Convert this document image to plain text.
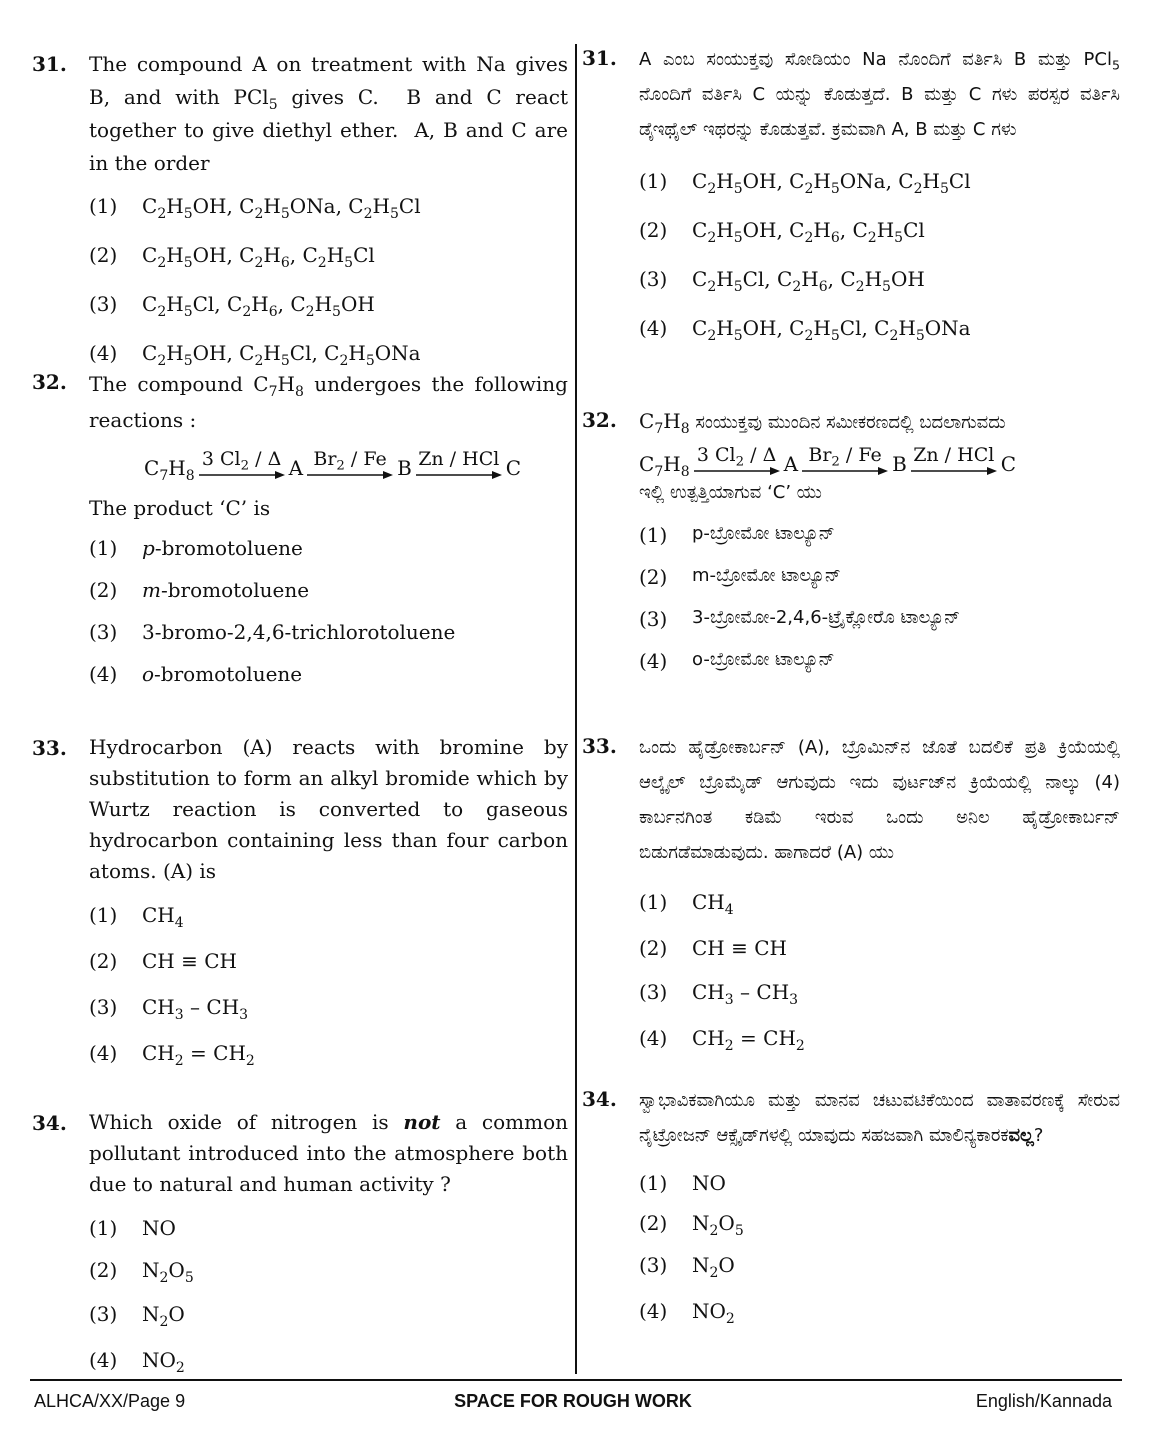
31.	The compound A on treatment with Na gives B, and with PCl$_5$ gives C.  B and C react together to give diethyl ether.  A, B and C are in the order
(1)	$C_2H_5OH$, $C_2H_5ONa$, $C_2H_5Cl$
(2)	$C_2H_5OH$, $C_2H_6$, $C_2H_5Cl$
(3)	$C_2H_5Cl$, $C_2H_6$, $C_2H_5OH$
(4)	$C_2H_5OH$, $C_2H_5Cl$, $C_2H_5ONa$
32.	The compound $C_7H_8$ undergoes the following reactions :
$C_7H_8$
3 $Cl_2$ / Δ A $Br_2$ / Fe B Zn / HCl C
The product ‘C’ is
(1)	p-bromotoluene
(2)	m-bromotoluene
(3)	3-bromo-2,4,6-trichlorotoluene
(4)	o-bromotoluene
33.	Hydrocarbon (A) reacts with bromine by substitution to form an alkyl bromide which by Wurtz reaction is converted to gaseous hydrocarbon containing less than four carbon atoms. (A) is
(1)	$CH_4$
(2)	CH ≡ CH
(3)	$CH_3 - CH_3$
(4)	$CH_2 = CH_2$
34.	Which oxide of nitrogen is not a common pollutant introduced into the atmosphere both due to natural and human activity ?
(1)	NO
(2)	$N_2O_5$
(3)	$N_2O$
(4)	$NO_2$
31.	A ಎಂಬ ಸಂಯುಕ್ತವು ಸೋಡಿಯಂ Na ನೊಂದಿಗೆ ವರ್ತಿಸಿ B ಮತ್ತು PCl$_5$ ನೊಂದಿಗೆ ವರ್ತಿಸಿ C ಯನ್ನು ಕೊಡುತ್ತದೆ. B ಮತ್ತು C ಗಳು ಪರಸ್ಪರ ವರ್ತಿಸಿ ಡೈಇಥೈಲ್ ಇಥರನ್ನು ಕೊಡುತ್ತವೆ. ಕ್ರಮವಾಗಿ A, B ಮತ್ತು C ಗಳು
(1)	$C_2H_5OH$, $C_2H_5ONa$, $C_2H_5Cl$
(2)	$C_2H_5OH$, $C_2H_6$, $C_2H_5Cl$
(3)	$C_2H_5Cl$, $C_2H_6$, $C_2H_5OH$
(4)	$C_2H_5OH$, $C_2H_5Cl$, $C_2H_5ONa$
32.	$C_7H_8$ ಸಂಯುಕ್ತವು ಮುಂದಿನ ಸಮೀಕರಣದಲ್ಲಿ ಬದಲಾಗುವದು
$C_7H_8$
3 $Cl_2$ / Δ A $Br_2$ / Fe B Zn / HCl C
ಇಲ್ಲಿ ಉತ್ಪತ್ತಿಯಾಗುವ ‘C’ ಯು
(1)	p-ಬ್ರೋಮೋ ಟಾಲ್ಯೂನ್
(2)	m-ಬ್ರೋಮೋ ಟಾಲ್ಯೂನ್
(3)	3-ಬ್ರೋಮೋ-2,4,6-ಟ್ರೈಕ್ಲೋರೊ ಟಾಲ್ಯೂನ್
(4)	o-ಬ್ರೋಮೋ ಟಾಲ್ಯೂನ್
33.	ಒಂದು ಹೈಡ್ರೋಕಾರ್ಬನ್ (A), ಬ್ರೊಮಿನ್‌ನ ಜೊತೆ ಬದಲಿಕೆ ಪ್ರತಿ ಕ್ರಿಯೆಯಲ್ಲಿ ಆಲ್ಕೈಲ್ ಬ್ರೊಮೈಡ್ ಆಗುವುದು ಇದು ವುರ್ಟಜ್‌ನ ಕ್ರಿಯೆಯಲ್ಲಿ ನಾಲ್ಕು (4) ಕಾರ್ಬನಗಿಂತ ಕಡಿಮೆ ಇರುವ ಒಂದು ಅನಿಲ ಹೈಡ್ರೋಕಾರ್ಬನ್ ಬಿಡುಗಡೆಮಾಡುವುದು. ಹಾಗಾದರೆ (A) ಯು
(1)	$CH_4$
(2)	CH ≡ CH
(3)	$CH_3 - CH_3$
(4)	$CH_2 = CH_2$
34.	ಸ್ವಾಭಾವಿಕವಾಗಿಯೂ ಮತ್ತು ಮಾನವ ಚಟುವಟಿಕೆಯಿಂದ ವಾತಾವರಣಕ್ಕೆ ಸೇರುವ ನೈಟ್ರೋಜನ್ ಆಕ್ಸೈಡ್‌ಗಳಲ್ಲಿ ಯಾವುದು ಸಹಜವಾಗಿ ಮಾಲಿನ್ಯಕಾರಕವಲ್ಲ?
(1)	NO
(2)	$N_2O_5$
(3)	$N_2O$
(4)	$NO_2$
ALHCA/XX/Page 9	SPACE FOR ROUGH WORK	English/Kannada
